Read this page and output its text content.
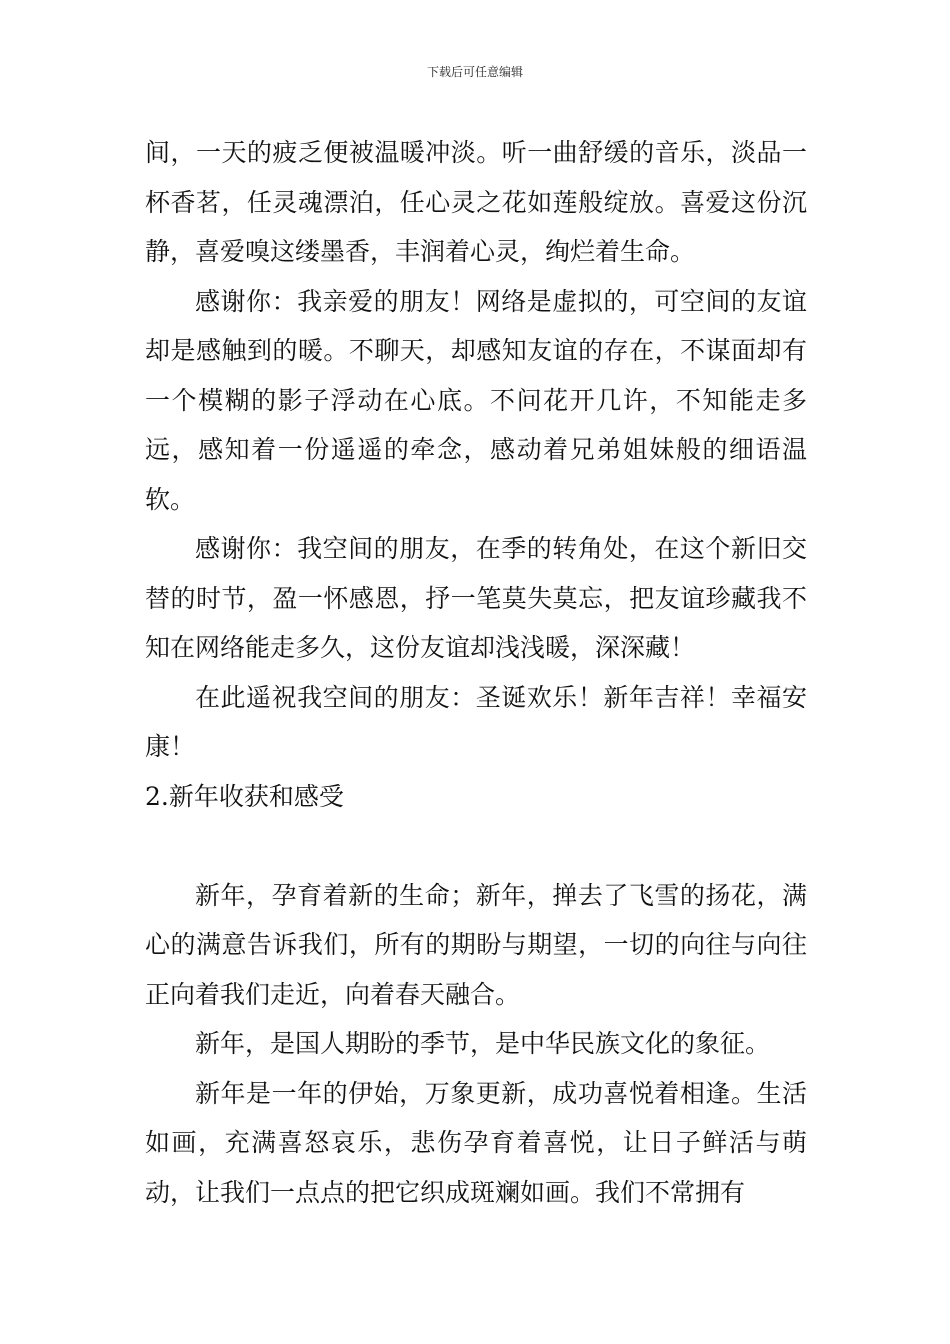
下载后可任意编辑

间，一天的疲乏便被温暖冲淡。听一曲舒缓的音乐，淡品一杯香茗，任灵魂漂泊，任心灵之花如莲般绽放。喜爱这份沉静，喜爱嗅这缕墨香，丰润着心灵，绚烂着生命。

感谢你：我亲爱的朋友！网络是虚拟的，可空间的友谊却是感触到的暖。不聊天，却感知友谊的存在，不谋面却有一个模糊的影子浮动在心底。不问花开几许，不知能走多远，感知着一份遥遥的牵念，感动着兄弟姐妹般的细语温软。

感谢你：我空间的朋友，在季的转角处，在这个新旧交替的时节，盈一怀感恩，抒一笔莫失莫忘，把友谊珍藏我不知在网络能走多久，这份友谊却浅浅暖，深深藏！

在此遥祝我空间的朋友：圣诞欢乐！新年吉祥！幸福安康！

2.新年收获和感受

新年，孕育着新的生命；新年，掸去了飞雪的扬花，满心的满意告诉我们，所有的期盼与期望，一切的向往与向往正向着我们走近，向着春天融合。

新年，是国人期盼的季节，是中华民族文化的象征。

新年是一年的伊始，万象更新，成功喜悦着相逢。生活如画，充满喜怒哀乐，悲伤孕育着喜悦，让日子鲜活与萌动，让我们一点点的把它织成斑斓如画。我们不常拥有
